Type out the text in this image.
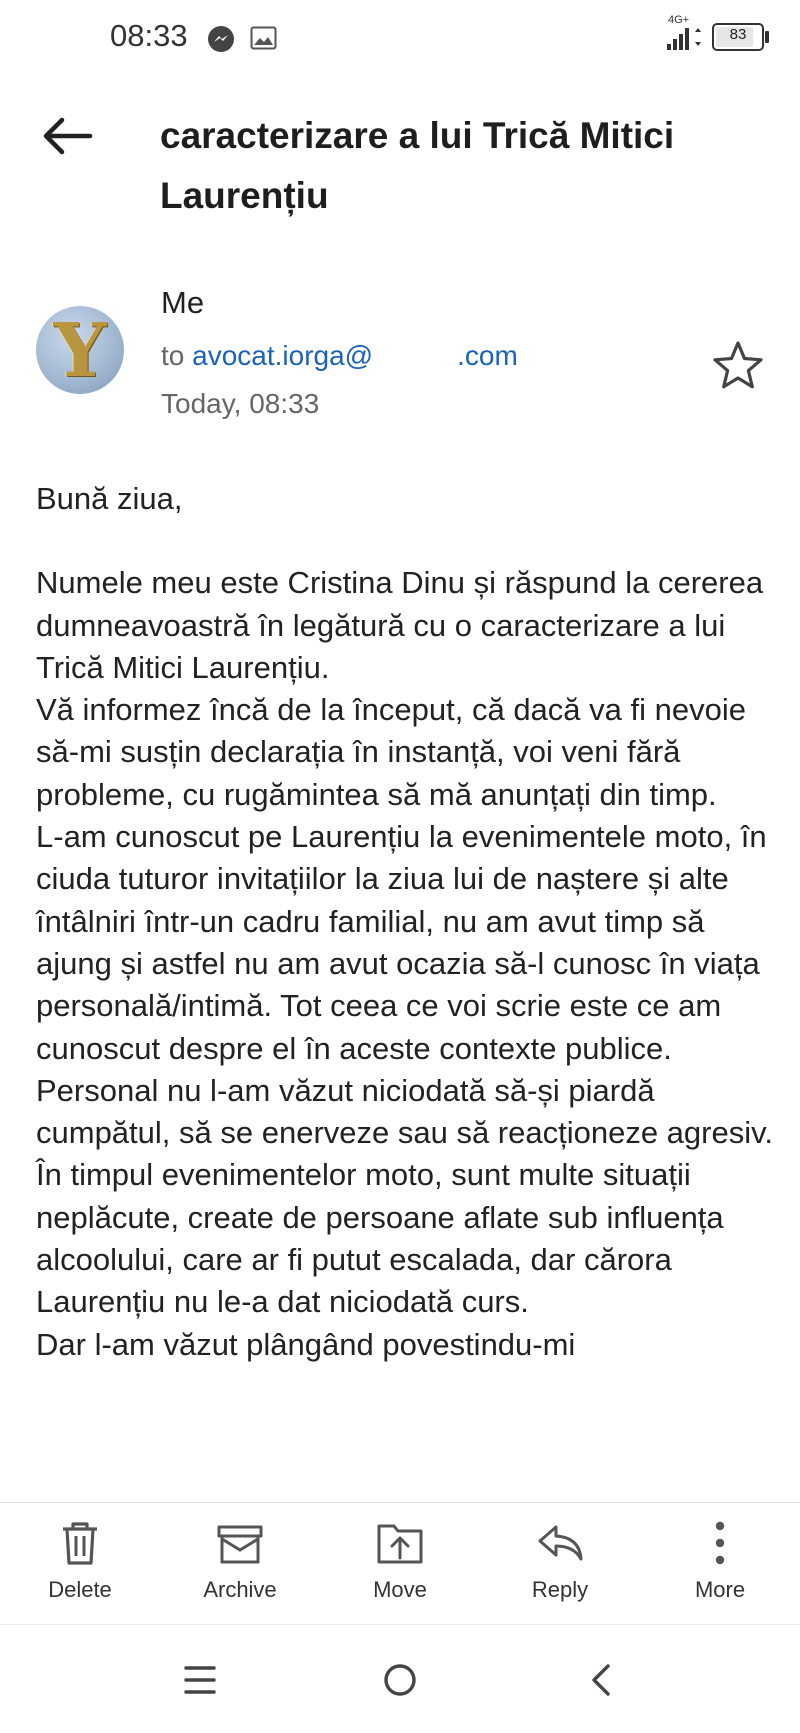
08:33	4G+
83
caracterizare a lui Trică Mitici Laurențiu
Y
Me
to avocat.iorga@	.com
Today, 08:33

Bună ziua,

Numele meu este Cristina Dinu și răspund la cererea dumneavoastră în legătură cu o caracterizare a lui Trică Mitici Laurențiu.

Vă informez încă de la început, că dacă va fi nevoie să-mi susțin declarația în instanță, voi veni fără probleme, cu rugămintea să mă anunțați din timp.

L-am cunoscut pe Laurențiu la evenimentele moto, în ciuda tuturor invitațiilor la ziua lui de naștere și alte întâlniri într-un cadru familial, nu am avut timp să ajung și astfel nu am avut ocazia să-l cunosc în viața personală/intimă. Tot ceea ce voi scrie este ce am cunoscut despre el în aceste contexte publice.

Personal nu l-am văzut niciodată să-și piardă cumpătul, să se enerveze sau să reacționeze agresiv. În timpul evenimentelor moto, sunt multe situații neplăcute, create de persoane aflate sub influența alcoolului, care ar fi putut escalada, dar cărora Laurențiu nu le-a dat niciodată curs.

Dar l-am văzut plângând povestindu-mi

Delete	Archive	Move	Reply	More
